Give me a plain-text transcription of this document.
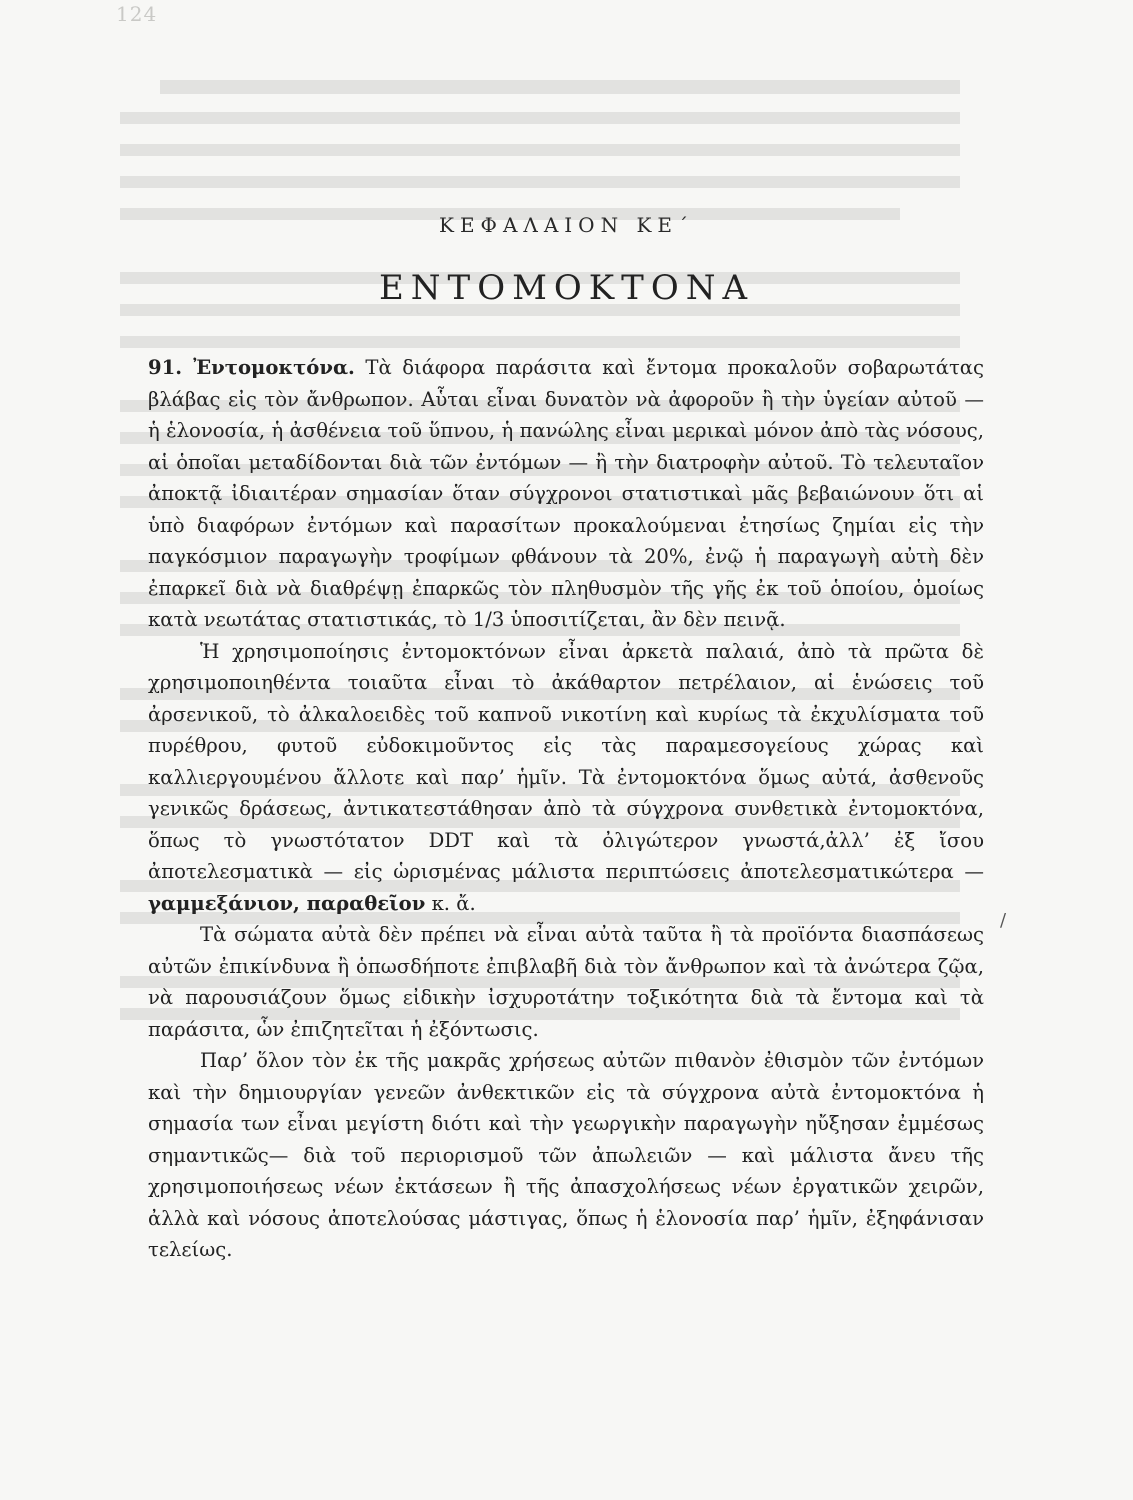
124
ΚΕΦΑΛΑΙΟΝ ΚΕ΄
ΕΝΤΟΜΟΚΤΟΝΑ

91. Ἐντομοκτόνα. Τὰ διάφορα παράσιτα καὶ ἔντομα προκαλοῦν σοβαρωτάτας βλάβας εἰς τὸν ἄνθρωπον. Αὗται εἶναι δυνατὸν νὰ ἀφοροῦν ἢ τὴν ὑγείαν αὐτοῦ — ἡ ἑλονοσία, ἡ ἀσθένεια τοῦ ὕπνου, ἡ πανώλης εἶναι μερικαὶ μόνον ἀπὸ τὰς νόσους, αἱ ὁποῖαι μεταδίδονται διὰ τῶν ἐντόμων — ἢ τὴν διατροφὴν αὐτοῦ. Τὸ τελευταῖον ἀποκτᾷ ἰδιαιτέραν σημασίαν ὅταν σύγχρονοι στατιστικαὶ μᾶς βεβαιώνουν ὅτι αἱ ὑπὸ διαφόρων ἐντόμων καὶ παρασίτων προκαλούμεναι ἐτησίως ζημίαι εἰς τὴν παγκόσμιον παραγωγὴν τροφίμων φθάνουν τὰ 20%, ἐνῷ ἡ παραγωγὴ αὐτὴ δὲν ἐπαρκεῖ διὰ νὰ διαθρέψῃ ἐπαρκῶς τὸν πληθυσμὸν τῆς γῆς ἐκ τοῦ ὁποίου, ὁμοίως κατὰ νεωτάτας στατιστικάς, τὸ 1/3 ὑποσιτίζεται, ἂν δὲν πεινᾷ.

Ἡ χρησιμοποίησις ἐντομοκτόνων εἶναι ἀρκετὰ παλαιά, ἀπὸ τὰ πρῶτα δὲ χρησιμοποιηθέντα τοιαῦτα εἶναι τὸ ἀκάθαρτον πετρέλαιον, αἱ ἑνώσεις τοῦ ἀρσενικοῦ, τὸ ἀλκαλοειδὲς τοῦ καπνοῦ νικοτίνη καὶ κυρίως τὰ ἐκχυλίσματα τοῦ πυρέθρου, φυτοῦ εὐδοκιμοῦντος εἰς τὰς παραμεσογείους χώρας καὶ καλλιεργουμένου ἄλλοτε καὶ παρ’ ἡμῖν. Τὰ ἐντομοκτόνα ὅμως αὐτά, ἀσθενοῦς γενικῶς δράσεως, ἀντικατεστάθησαν ἀπὸ τὰ σύγχρονα συνθετικὰ ἐντομοκτόνα, ὅπως τὸ γνωστότατον DDT καὶ τὰ ὀλιγώτερον γνωστά,ἀλλ’ ἐξ ἴσου ἀποτελεσματικὰ — εἰς ὡρισμένας μάλιστα περιπτώσεις ἀποτελεσματικώτερα — γαμμεξάνιον, παραθεῖον κ. ἄ.

Τὰ σώματα αὐτὰ δὲν πρέπει νὰ εἶναι αὐτὰ ταῦτα ἢ τὰ προϊόντα διασπάσεως αὐτῶν ἐπικίνδυνα ἢ ὁπωσδήποτε ἐπιβλαβῆ διὰ τὸν ἄνθρωπον καὶ τὰ ἀνώτερα ζῷα, νὰ παρουσιάζουν ὅμως εἰδικὴν ἰσχυροτάτην τοξικότητα διὰ τὰ ἔντομα καὶ τὰ παράσιτα, ὧν ἐπιζητεῖται ἡ ἐξόντωσις.

Παρ’ ὅλον τὸν ἐκ τῆς μακρᾶς χρήσεως αὐτῶν πιθανὸν ἐθισμὸν τῶν ἐντόμων καὶ τὴν δημιουργίαν γενεῶν ἀνθεκτικῶν εἰς τὰ σύγχρονα αὐτὰ ἐντομοκτόνα ἡ σημασία των εἶναι μεγίστη διότι καὶ τὴν γεωργικὴν παραγωγὴν ηὔξησαν ἐμμέσως σημαντικῶς— διὰ τοῦ περιορισμοῦ τῶν ἀπωλειῶν — καὶ μάλιστα ἄνευ τῆς χρησιμοποιήσεως νέων ἐκτάσεων ἢ τῆς ἀπασχολήσεως νέων ἐργατικῶν χειρῶν, ἀλλὰ καὶ νόσους ἀποτελούσας μάστιγας, ὅπως ἡ ἑλονοσία παρ’ ἡμῖν, ἐξηφάνισαν τελείως.

/
